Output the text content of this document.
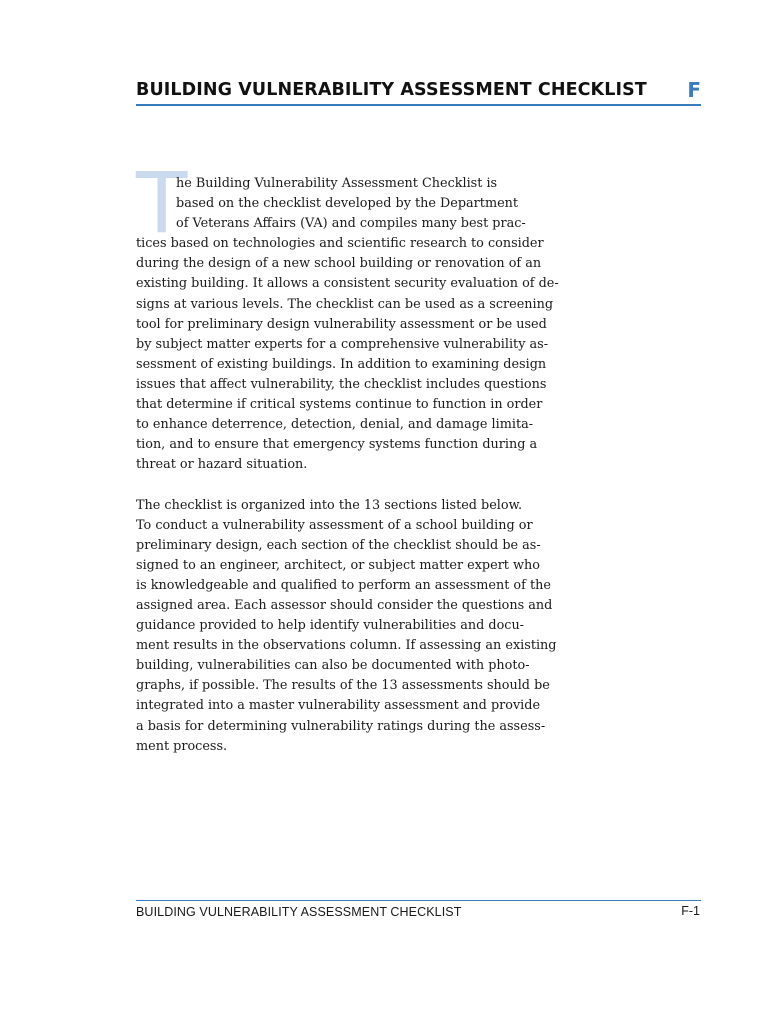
BUILDING VULNERABILITY ASSESSMENT CHECKLIST F
T
he Building Vulnerability Assessment Checklist is
based on the checklist developed by the Department
of Veterans Affairs (VA) and compiles many best prac-
tices based on technologies and scientific research to consider
during the design of a new school building or renovation of an
existing building. It allows a consistent security evaluation of de-
signs at various levels. The checklist can be used as a screening
tool for preliminary design vulnerability assessment or be used
by subject matter experts for a comprehensive vulnerability as-
sessment of existing buildings. In addition to examining design
issues that affect vulnerability, the checklist includes questions
that determine if critical systems continue to function in order
to enhance deterrence, detection, denial, and damage limita-
tion, and to ensure that emergency systems function during a
threat or hazard situation.
The checklist is organized into the 13 sections listed below.
To conduct a vulnerability assessment of a school building or
preliminary design, each section of the checklist should be as-
signed to an engineer, architect, or subject matter expert who
is knowledgeable and qualified to perform an assessment of the
assigned area. Each assessor should consider the questions and
guidance provided to help identify vulnerabilities and docu-
ment results in the observations column. If assessing an existing
building, vulnerabilities can also be documented with photo-
graphs, if possible. The results of the 13 assessments should be
integrated into a master vulnerability assessment and provide
a basis for determining vulnerability ratings during the assess-
ment process.
BUILDING VULNERABILITY ASSESSMENT CHECKLIST	F-1
